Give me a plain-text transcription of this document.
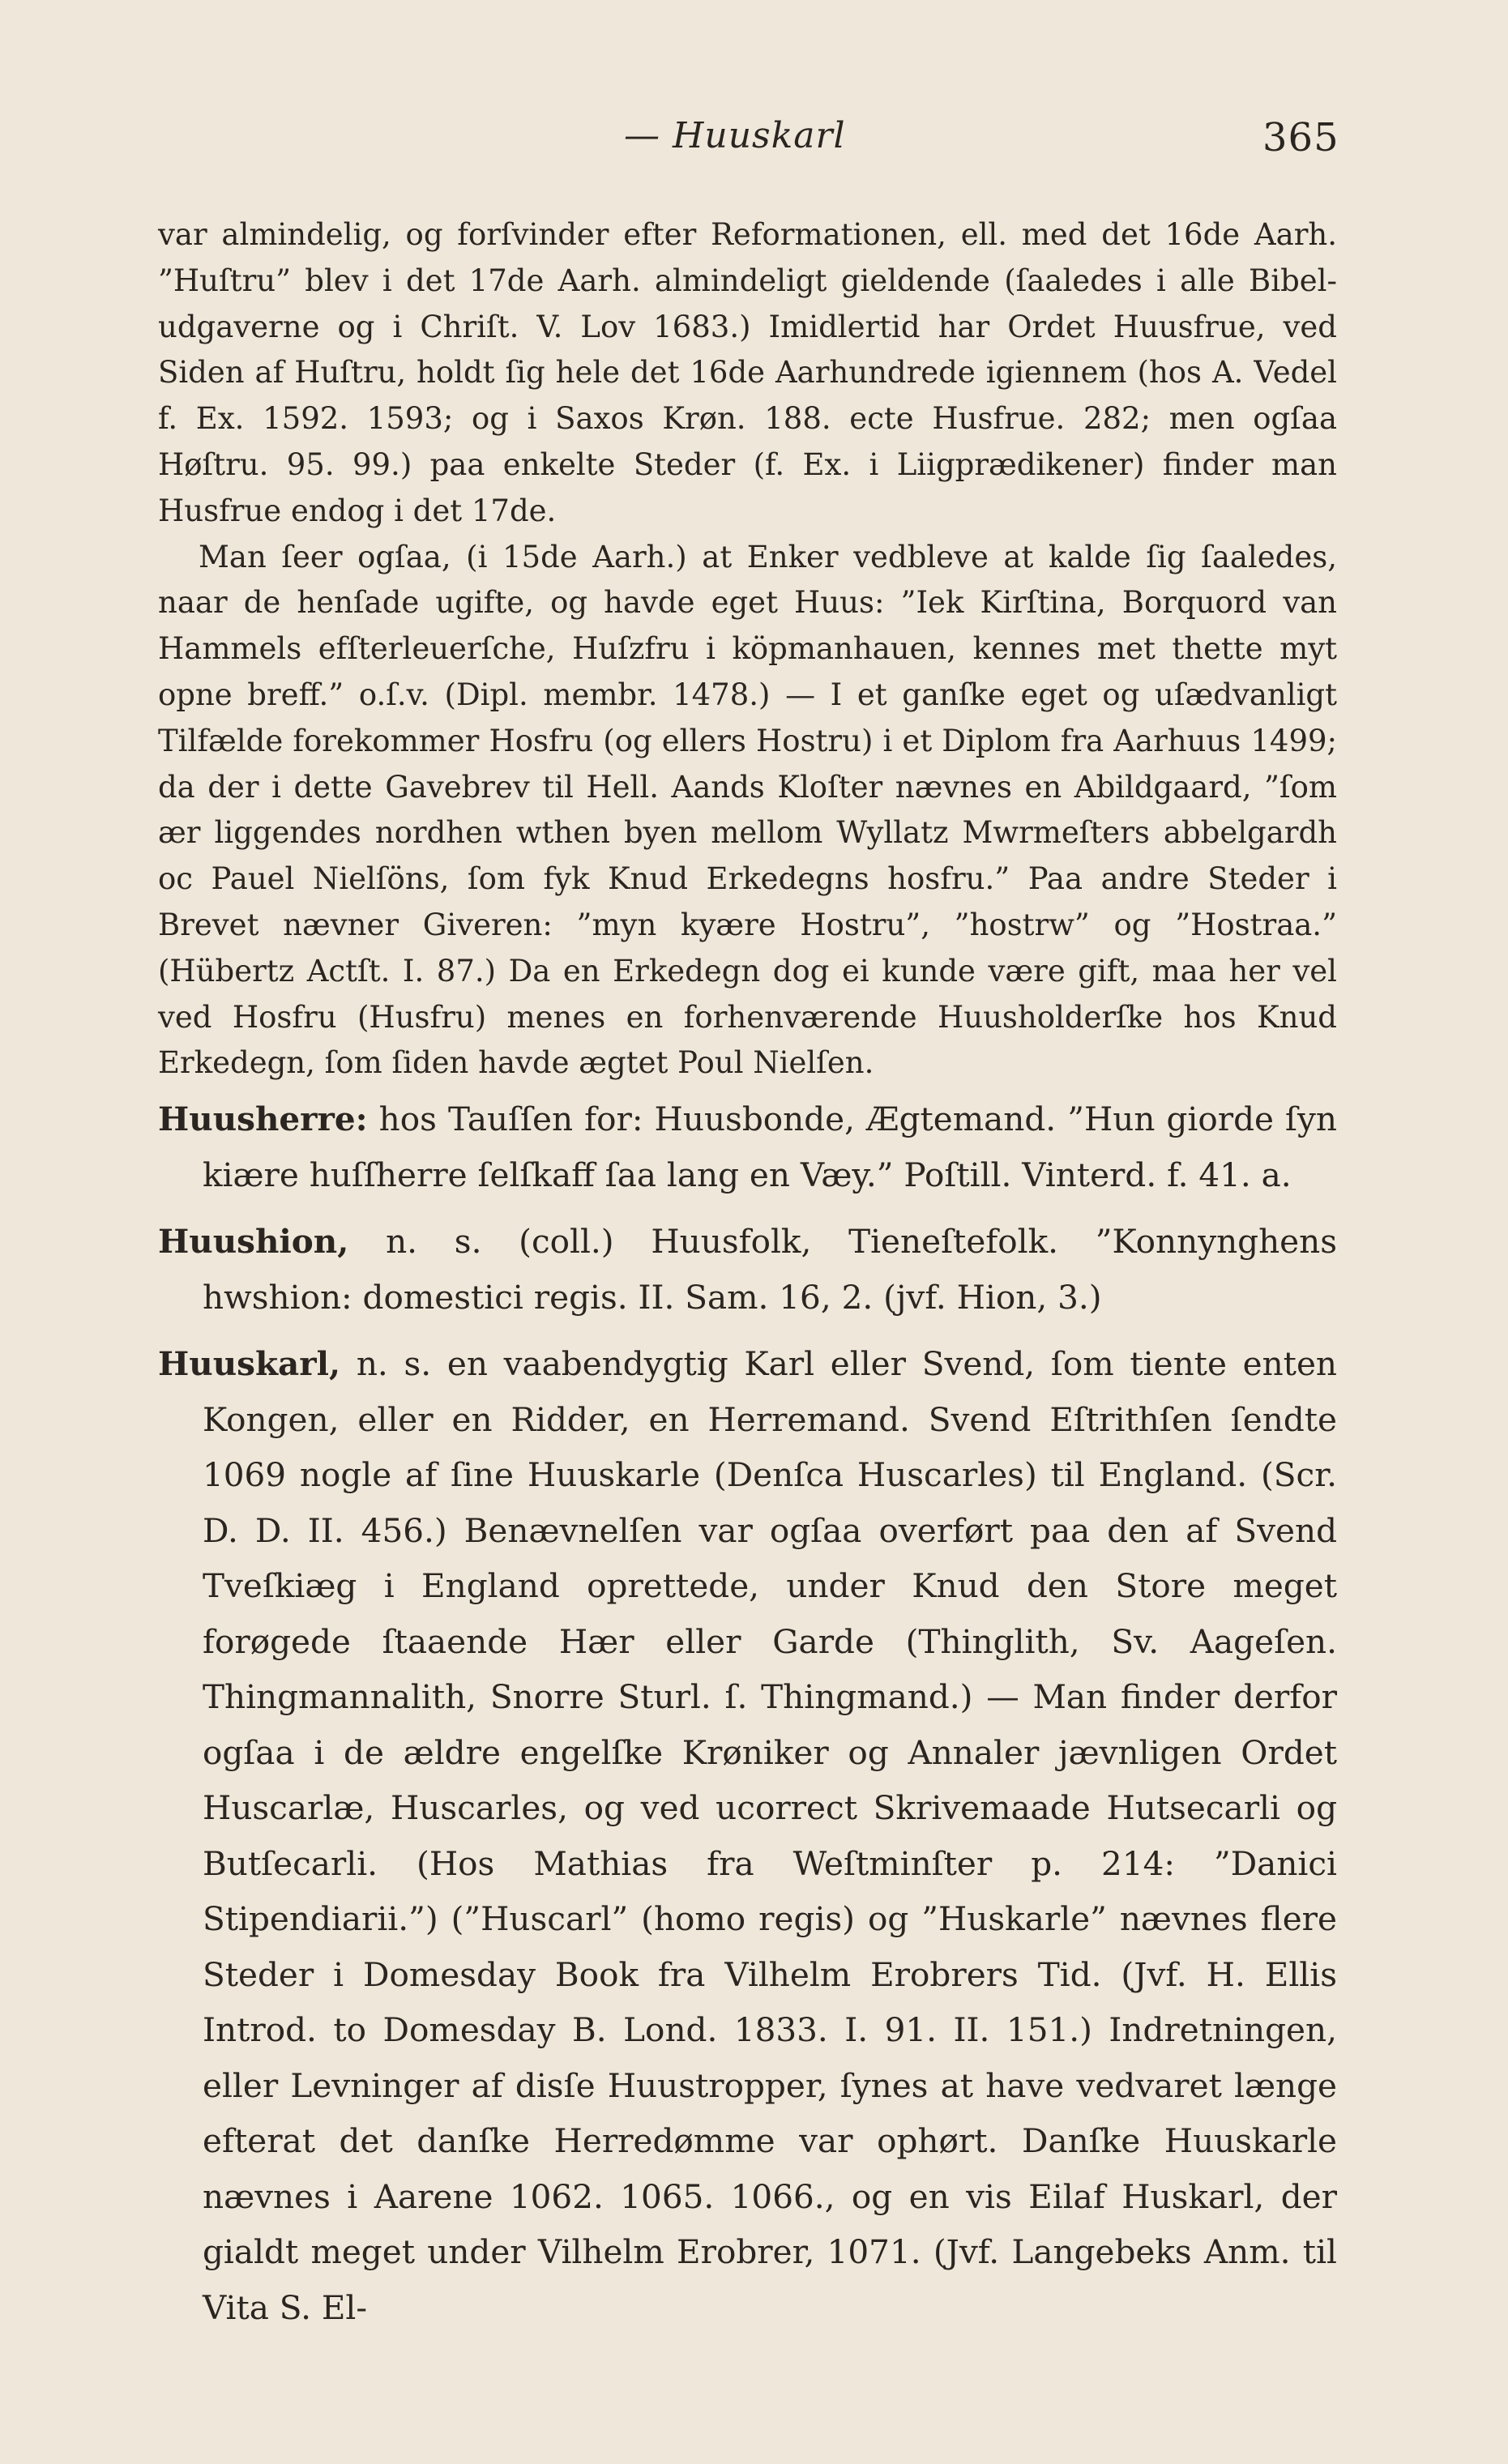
— Huuskarl	365

var almindelig, og forſvinder efter Reformationen, ell. med det 16de Aarh. ”Huſtru” blev i det 17de Aarh. almindeligt gieldende (ſaaledes i alle Bibel-udgaverne og i Chriſt. V. Lov 1683.) Imidlertid har Ordet Huusfrue, ved Siden af Huſtru, holdt ſig hele det 16de Aarhundrede igiennem (hos A. Vedel f. Ex. 1592. 1593; og i Saxos Krøn. 188. ecte Husfrue. 282; men ogſaa Høſtru. 95. 99.) paa enkelte Steder (f. Ex. i Liigprædikener) finder man Husfrue endog i det 17de.

Man ſeer ogſaa, (i 15de Aarh.) at Enker vedbleve at kalde ſig ſaaledes, naar de henſade ugifte, og havde eget Huus: ”Iek Kirſtina, Borquord van Hammels efſterleuerſche, Huſzfru i köpmanhauen, kennes met thette myt opne breff.” o.ſ.v. (Dipl. membr. 1478.) — I et ganſke eget og uſædvanligt Tilfælde forekommer Hosfru (og ellers Hostru) i et Diplom fra Aarhuus 1499; da der i dette Gavebrev til Hell. Aands Kloſter nævnes en Abildgaard, ”ſom ær liggendes nordhen wthen byen mellom Wyllatz Mwrmeſters abbelgardh oc Pauel Nielſöns, ſom fyk Knud Erkedegns hosfru.” Paa andre Steder i Brevet nævner Giveren: ”myn kyære Hostru”, ”hostrw” og ”Hostraa.” (Hübertz Actſt. I. 87.) Da en Erkedegn dog ei kunde være gift, maa her vel ved Hosfru (Husfru) menes en forhenværende Huusholderſke hos Knud Erkedegn, ſom ſiden havde ægtet Poul Nielſen.

Huusherre: hos Tauſſen for: Huusbonde, Ægtemand. ”Hun giorde ſyn kiære huſſherre ſelſkaff ſaa lang en Væy.” Poſtill. Vinterd. f. 41. a.

Huushion, n. s. (coll.) Huusfolk, Tieneſtefolk. ”Konnynghens hwshion: domestici regis. II. Sam. 16, 2. (jvf. Hion, 3.)

Huuskarl, n. s. en vaabendygtig Karl eller Svend, ſom tiente enten Kongen, eller en Ridder, en Herremand. Svend Eſtrithſen ſendte 1069 nogle af ſine Huuskarle (Denſca Huscarles) til England. (Scr. D. D. II. 456.) Benævnelſen var ogſaa overført paa den af Svend Tveſkiæg i England oprettede, under Knud den Store meget forøgede ſtaaende Hær eller Garde (Thinglith, Sv. Aageſen. Thingmannalith, Snorre Sturl. ſ. Thingmand.) — Man finder derfor ogſaa i de ældre engelſke Krøniker og Annaler jævnligen Ordet Huscarlæ, Huscarles, og ved ucorrect Skrivemaade Hutsecarli og Butſecarli. (Hos Mathias fra Weſtminſter p. 214: ”Danici Stipendiarii.”) (”Huscarl” (homo regis) og ”Huskarle” nævnes flere Steder i Domesday Book fra Vilhelm Erobrers Tid. (Jvf. H. Ellis Introd. to Domesday B. Lond. 1833. I. 91. II. 151.) Indretningen, eller Levninger af disſe Huustropper, ſynes at have vedvaret længe efterat det danſke Herredømme var ophørt. Danſke Huuskarle nævnes i Aarene 1062. 1065. 1066., og en vis Eilaf Huskarl, der gialdt meget under Vilhelm Erobrer, 1071. (Jvf. Langebeks Anm. til Vita S. El-
